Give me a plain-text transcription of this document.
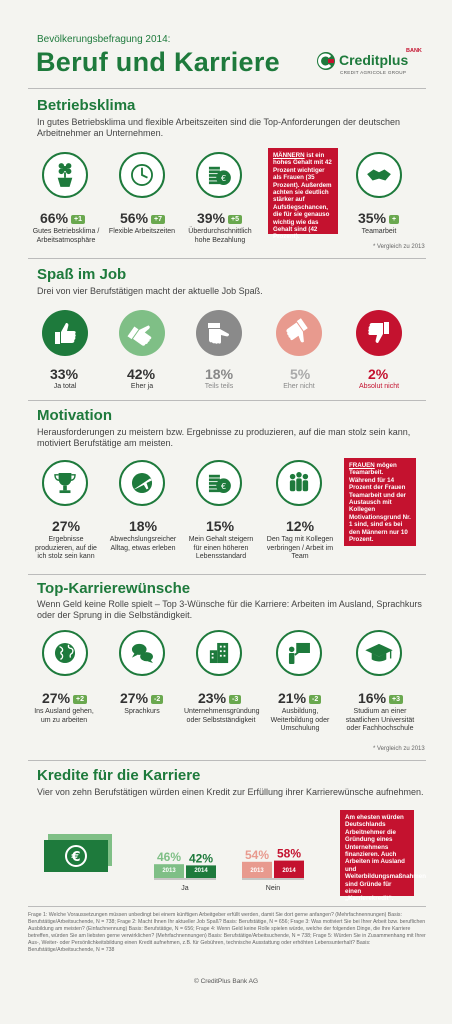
Bevölkerungsbefragung 2014:
Beruf und Karriere	Creditplus
BANK
CREDIT AGRICOLE GROUP
Betriebsklima
In gutes Betriebsklima und flexible Arbeitszeiten sind die Top-Anforderungen der deutschen Arbeitnehmer an Unternehmen.
€
66% +1	56% +7 39% +5	35% +
Gutes Betriebsklima / Arbeitsatmosphäre
Flexible Arbeitszeiten	Überdurchschnittlich hohe Bezahlung
Teamarbeit
MÄNNERN ist ein hohes Gehalt mit 42 Prozent wichtiger als Frauen (35 Prozent). Außerdem achten sie deutlich stärker auf Aufstiegschancen, die für sie genauso wichtig wie das Gehalt sind (42 Prozent).
* Vergleich zu 2013
Spaß im Job
Drei von vier Berufstätigen macht der aktuelle Job Spaß.
33%	42%	18%	5%	2%
Ja total	Eher ja	Teils teils	Eher nicht	Absolut nicht
Motivation
Herausforderungen zu meistern bzw. Ergebnisse zu produzieren, auf die man stolz sein kann, motiviert Berufstätige am meisten.
€
27%	18%	15%	12%
Ergebnisse produzieren, auf die ich stolz sein kann
Abwechslungsreicher Alltag, etwas erleben
Mein Gehalt steigern für einen höheren Lebensstandard
Den Tag mit Kollegen verbringen / Arbeit im Team
FRAUEN mögen Teamarbeit. Während für 14 Prozent der Frauen Teamarbeit und der Austausch mit Kollegen Motivationsgrund Nr. 1 sind, sind es bei den Männern nur 10 Prozent.
Top-Karrierewünsche
Wenn Geld keine Rolle spielt – Top 3-Wünsche für die Karriere: Arbeiten im Ausland, Sprachkurs oder der Sprung in die Selbständigkeit.
27% +2	27% -2	23% -3	21% -2	16% +3
Ins Ausland gehen, um zu arbeiten
Sprachkurs	Unternehmensgründung oder Selbstständigkeit
Ausbildung, Weiterbildung oder Umschulung
Studium an einer staatlichen Universität oder Fachhochschule
* Vergleich zu 2013
Kredite für die Karriere
Vier von zehn Berufstätigen würden einen Kredit zur Erfüllung ihrer Karrierewünsche aufnehmen.
€	46% 42%
2013	2014
Ja
54% 58%
2013	2014
Nein
Am ehesten würden Deutschlands Arbeitnehmer die Gründung eines Unternehmens finanzieren. Auch Arbeiten im Ausland und Weiterbildungsmaßnahmen sind Gründe für einen „Karrierekredit“.
Frage 1: Welche Voraussetzungen müssen unbedingt bei einem künftigen Arbeitgeber erfüllt werden, damit Sie dort gerne anfangen? (Mehrfachnennungen) Basis: Berufstätige/Arbeitsuchende, N = 738; Frage 2: Macht Ihnen Ihr aktueller Job Spaß? Basis: Berufstätige, N = 656; Frage 3: Was motiviert Sie bei Ihrer Arbeit bzw. beruflichen Ausbildung am meisten? (Einfachnennung) Basis: Berufstätige, N = 656; Frage 4: Wenn Geld keine Rolle spielen würde, welche der folgenden Dinge, die Ihre Karriere betreffen, würden Sie am liebsten gerne verwirklichen? (Mehrfachnennungen) Basis: Berufstätige/Arbeitsuchende, N = 738; Frage 5: Würden Sie in Zusammenhang mit Ihrer Aus-, Weiter- oder Persönlichkeitsbildung einen Kredit aufnehmen, z.B. für Gebühren, technische Ausstattung oder erhöhten Lebensunterhalt? Basis: Berufstätige/Arbeitsuchende, N = 738
© CreditPlus Bank AG
